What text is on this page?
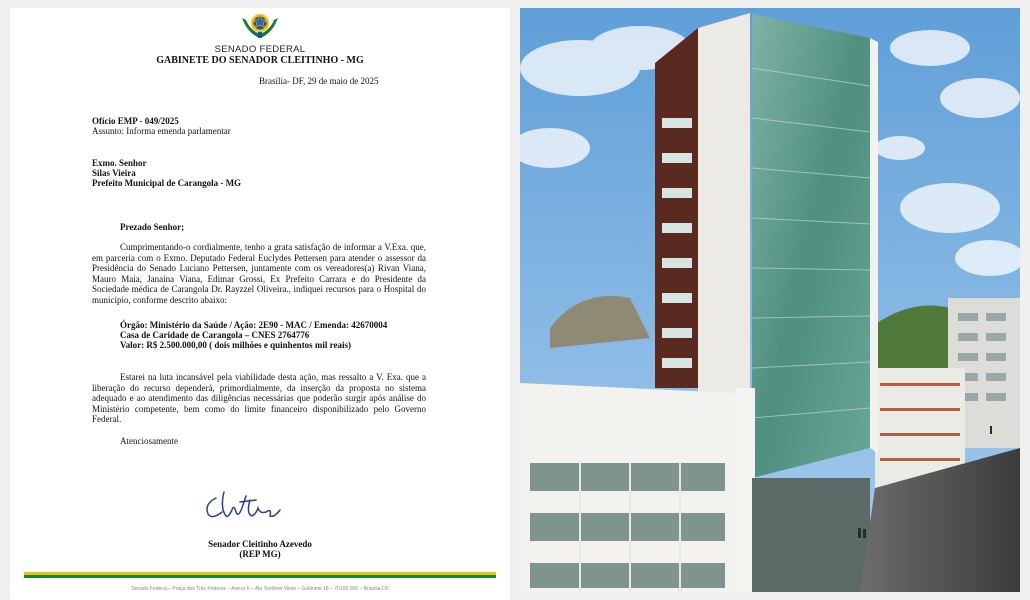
SENADO FEDERAL
GABINETE DO SENADOR CLEITINHO - MG
Brasília- DF, 29 de maio de 2025
Ofício EMP - 049/2025
Assunto: Informa emenda parlamentar
Exmo. Senhor
Silas Vieira
Prefeito Municipal de Carangola - MG
Prezado Senhor;
Cumprimentando-o cordialmente, tenho a grata satisfação de informar a V.Exa. que, em parceria com o Exmo. Deputado Federal Euclydes Pettersen para atender o assessor da Presidência do Senado Luciano Pettersen, juntamente com os vereadores(a) Rivan Viana, Mauro Maia, Janaína Viana, Edimar Grossi, Ex Prefeito Carrara e do Presidente da Sociedade médica de Carangola Dr. Rayzzel Oliveira., indiquei recursos para o Hospital do município, conforme descrito abaixo:
Órgão: Ministério da Saúde / Ação: 2E90 - MAC / Emenda: 42670004
Casa de Caridade de Carangola – CNES 2764776
Valor: R$ 2.500.000,00 ( dois milhões e quinhentos mil reais)
Estarei na luta incansável pela viabilidade desta ação, mas ressalto a V. Exa. que a liberação do recurso dependerá, primordialmente, da inserção da proposta no sistema adequado e ao atendimento das diligências necessárias que poderão surgir após análise do Ministério competente, bem como do limite financeiro disponibilizado pelo Governo Federal.
Atenciosamente
Senador Cleitinho Azevedo
(REP MG)
Senado Federal – Praça dos Três Poderes – Anexo II – Ala Teotônio Vilela – Gabinete 18 – 70165-900 – Brasília-DF
